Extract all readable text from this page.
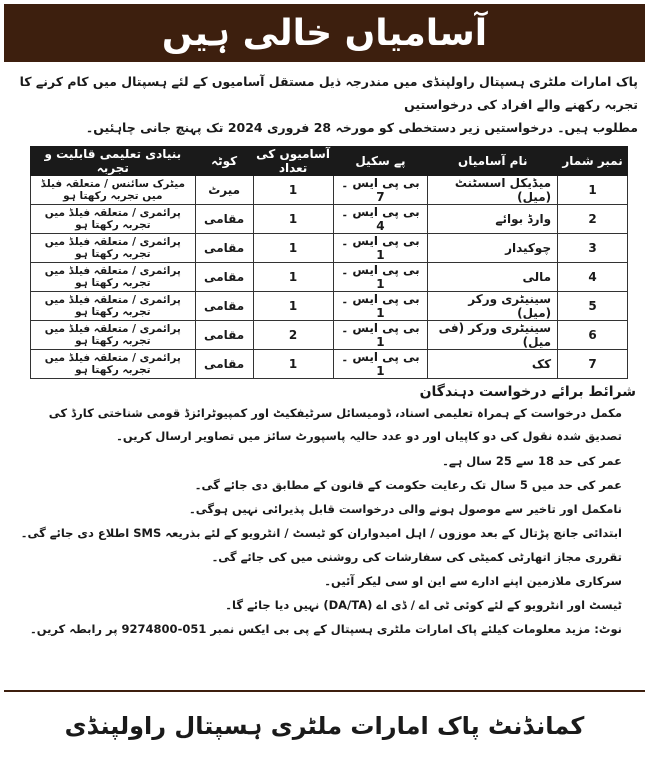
آسامیاں خالی ہیں
پاک امارات ملٹری ہسپتال راولپنڈی میں مندرجہ ذیل مستقل آسامیوں کے لئے ہسپتال میں کام کرنے کا تجربہ رکھنے والے افراد کی درخواستیں
مطلوب ہیں۔ درخواستیں زیر دستخطی کو مورخہ 28 فروری 2024 تک پہنچ جانی چاہئیں۔
نمبر شمار	نام آسامیاں	پے سکیل	آسامیوں کی تعداد	کوٹہ	بنیادی تعلیمی قابلیت و تجربہ
1	میڈیکل اسسٹنٹ (میل)	بی پی ایس ۔ 7	1	میرٹ	میٹرک سائنس / متعلقہ فیلڈ میں تجربہ رکھتا ہو
2	وارڈ بوائے	بی پی ایس ۔ 4	1	مقامی	پرائمری / متعلقہ فیلڈ میں تجربہ رکھتا ہو
3	چوکیدار	بی پی ایس ۔ 1	1	مقامی	پرائمری / متعلقہ فیلڈ میں تجربہ رکھتا ہو
4	مالی	بی پی ایس ۔ 1	1	مقامی	پرائمری / متعلقہ فیلڈ میں تجربہ رکھتا ہو
5	سینیٹری ورکر (میل)	بی پی ایس ۔ 1	1	مقامی	پرائمری / متعلقہ فیلڈ میں تجربہ رکھتا ہو
6	سینیٹری ورکر (فی میل)	بی پی ایس ۔ 1	2	مقامی	پرائمری / متعلقہ فیلڈ میں تجربہ رکھتا ہو
7	کک	بی پی ایس ۔ 1	1	مقامی	پرائمری / متعلقہ فیلڈ میں تجربہ رکھتا ہو
شرائط برائے درخواست دہندگان
مکمل درخواست کے ہمراہ تعلیمی اسناد، ڈومیسائل سرٹیفکیٹ اور کمپیوٹرائزڈ قومی شناختی کارڈ کی تصدیق شدہ نقول کی دو کاپیاں اور دو عدد حالیہ پاسپورٹ سائز میں تصاویر ارسال کریں۔
عمر کی حد 18 سے 25 سال ہے۔
عمر کی حد میں 5 سال تک رعایت حکومت کے قانون کے مطابق دی جائے گی۔
نامکمل اور تاخیر سے موصول ہونے والی درخواست قابل پذیرائی نہیں ہوگی۔
ابتدائی جانچ پڑتال کے بعد موزوں / اہل امیدواران کو ٹیسٹ / انٹرویو کے لئے بذریعہ SMS اطلاع دی جائے گی۔
تقرری مجاز اتھارٹی کمیٹی کی سفارشات کی روشنی میں کی جائے گی۔
سرکاری ملازمین اپنے ادارے سے این او سی لیکر آئیں۔
ٹیسٹ اور انٹرویو کے لئے کوئی ٹی اے / ڈی اے (DA/TA) نہیں دیا جائے گا۔
نوٹ: مزید معلومات کیلئے پاک امارات ملٹری ہسپتال کے پی بی ایکس نمبر 051-9274800 پر رابطہ کریں۔
کمانڈنٹ پاک امارات ملٹری ہسپتال راولپنڈی
